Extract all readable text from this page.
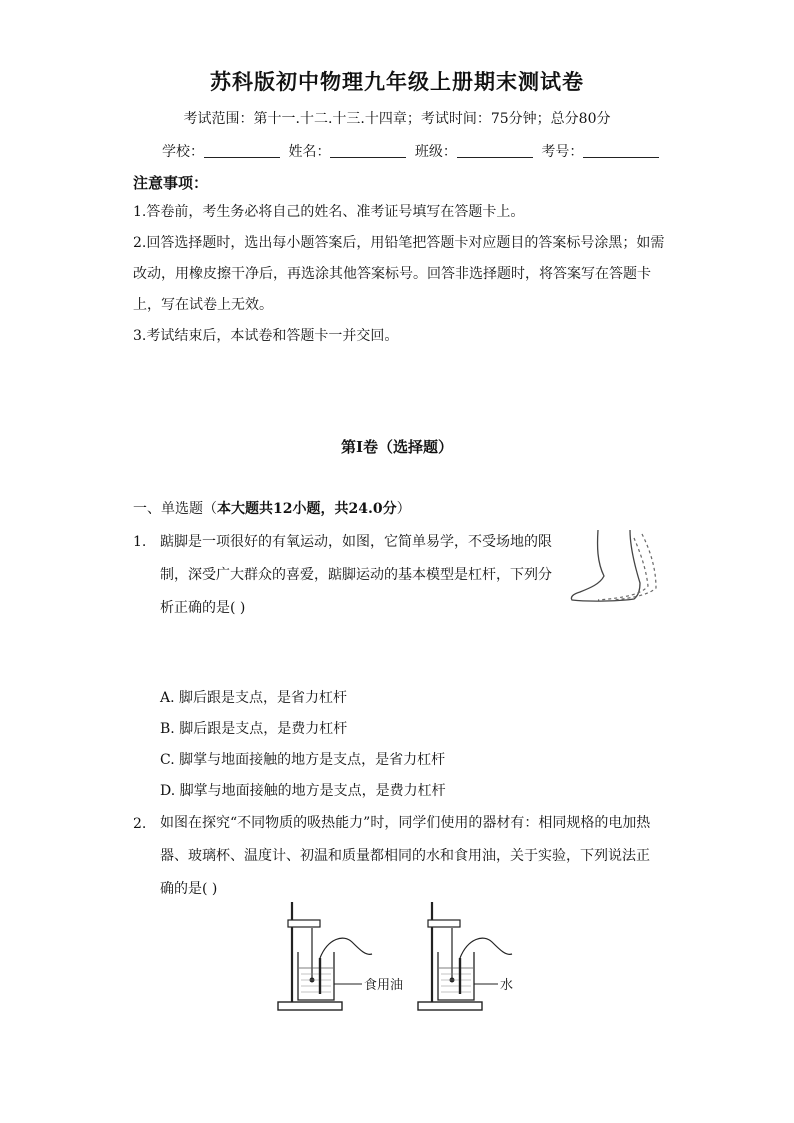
苏科版初中物理九年级上册期末测试卷
考试范围：第十一.十二.十三.十四章；考试时间：75分钟；总分80分
学校：	姓名：	班级：	考号：
注意事项：
1.答卷前，考生务必将自己的姓名、准考证号填写在答题卡上。
2.回答选择题时，选出每小题答案后，用铅笔把答题卡对应题目的答案标号涂黑；如需改动，用橡皮擦干净后，再选涂其他答案标号。回答非选择题时，将答案写在答题卡上，写在试卷上无效。
3.考试结束后，本试卷和答题卡一并交回。
第I卷（选择题）
一、单选题（本大题共12小题，共24.0分）
1. 踮脚是一项很好的有氧运动，如图，它简单易学，不受场地的限制，深受广大群众的喜爱，踮脚运动的基本模型是杠杆，下列分析正确的是( )
A. 脚后跟是支点，是省力杠杆
B. 脚后跟是支点，是费力杠杆
C. 脚掌与地面接触的地方是支点，是省力杠杆
D. 脚掌与地面接触的地方是支点，是费力杠杆
2. 如图在探究“不同物质的吸热能力”时，同学们使用的器材有：相同规格的电加热器、玻璃杯、温度计、初温和质量都相同的水和食用油，关于实验，下列说法正确的是( )
食用油	水
